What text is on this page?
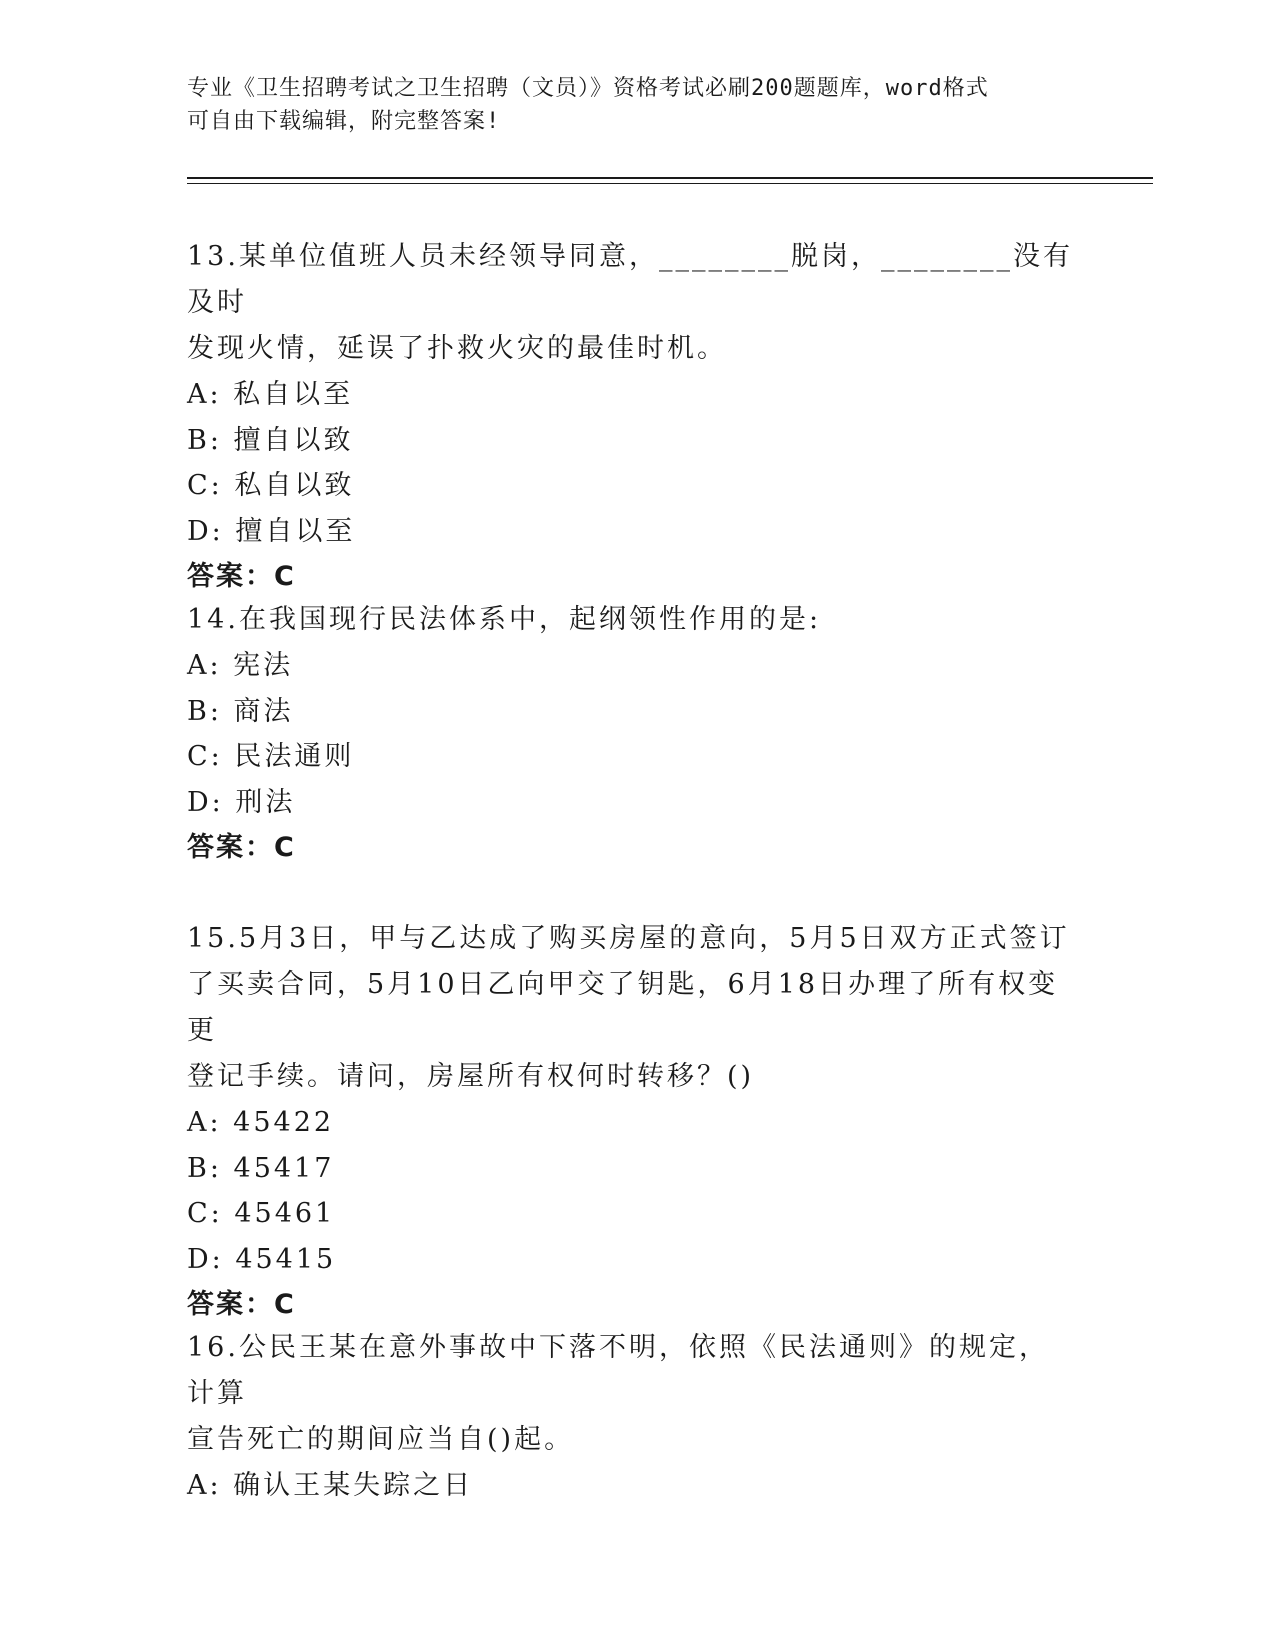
专业《卫生招聘考试之卫生招聘（文员）》资格考试必刷200题题库，word格式
可自由下载编辑，附完整答案!

13.某单位值班人员未经领导同意，________脱岗，________没有及时

发现火情，延误了扑救火灾的最佳时机。

A: 私自以至

B: 擅自以致

C: 私自以致

D: 擅自以至

答案：C

14.在我国现行民法体系中，起纲领性作用的是:

A: 宪法

B: 商法

C: 民法通则

D: 刑法

答案：C

15.5月3日，甲与乙达成了购买房屋的意向，5月5日双方正式签订

了买卖合同，5月10日乙向甲交了钥匙，6月18日办理了所有权变更

登记手续。请问，房屋所有权何时转移？()

A: 45422

B: 45417

C: 45461

D: 45415

答案：C

16.公民王某在意外事故中下落不明，依照《民法通则》的规定，计算

宣告死亡的期间应当自()起。

A: 确认王某失踪之日
